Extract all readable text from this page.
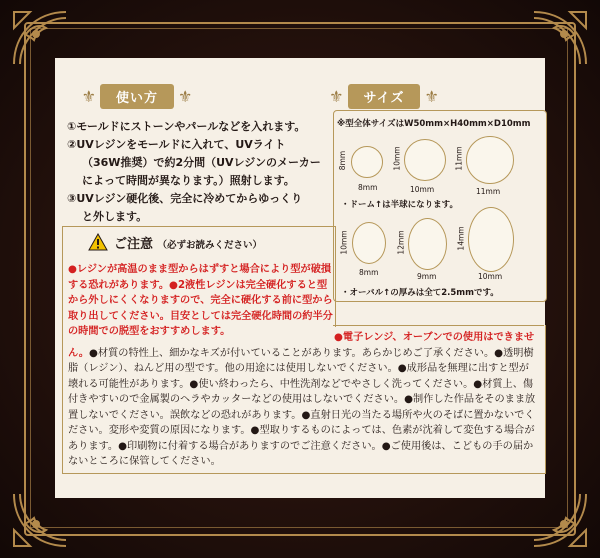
⚜	使い方	⚜	⚜	サイズ	⚜
①モールドにストーンやパールなどを入れます。
②UVレジンをモールドに入れて、UVライト
（36W推奨）で約2分間（UVレジンのメーカー
によって時間が異なります。）照射します。
③UVレジン硬化後、完全に冷めてからゆっくり
と外します。
※型全体サイズはW50mm×H40mm×D10mm
8mm
8mm
10mm
10mm
11mm
11mm
・ドーム↑は半球になります。
10mm
8mm
12mm
9mm
14mm
10mm
・オーバル↑の厚みは全て2.5mmです。
ご注意 （必ずお読みください）
●レジンが高温のまま型からはずすと場合により型が破損する恐れがあります。●2液性レジンは完全硬化すると型から外しにくくなりますので、完全に硬化する前に型から取り出してください。目安としては完全硬化時間の約半分の時間での脱型をおすすめします。
●電子レンジ、オーブンでの使用はできません。●材質の特性上、細かなキズが付いていることがあります。あらかじめご了承ください。●透明樹脂（レジン）、ねんど用の型です。他の用途には使用しないでください。●成形品を無理に出すと型が壊れる可能性があります。●使い終わったら、中性洗剤などでやさしく洗ってください。●材質上、傷付きやすいので金属製のヘラやカッターなどの使用はしないでください。●制作した作品をそのまま放置しないでください。誤飲などの恐れがあります。●直射日光の当たる場所や火のそばに置かないでください。変形や変質の原因になります。●型取りするものによっては、色素が沈着して変色する場合があります。●印刷物に付着する場合がありますのでご注意ください。●ご使用後は、こどもの手の届かないところに保管してください。
